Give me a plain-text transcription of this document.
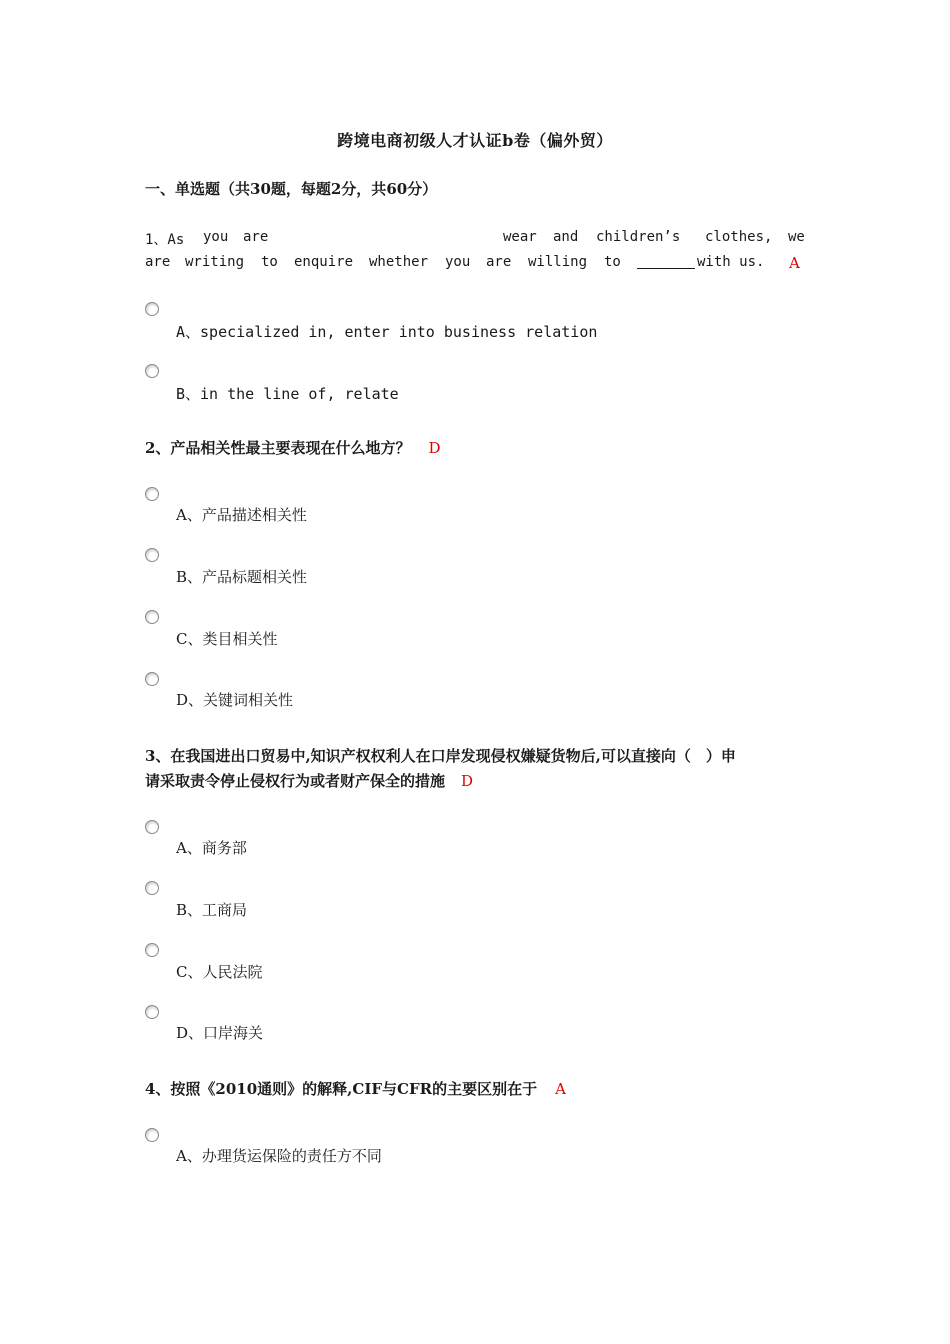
跨境电商初级人才认证b卷（偏外贸）
一、单选题（共30题，每题2分，共60分）
1、As you are	wear and children’s clothes, we
are writing to enquire whether you are willing to	with us. A
A、specialized in, enter into business relation
B、in the line of, relate
2、产品相关性最主要表现在什么地方？ D
A、产品描述相关性
B、产品标题相关性
C、类目相关性
D、关键词相关性
3、在我国进出口贸易中,知识产权权利人在口岸发现侵权嫌疑货物后,可以直接向（　）申
请采取责令停止侵权行为或者财产保全的措施 D
A、商务部
B、工商局
C、人民法院
D、口岸海关
4、按照《2010通则》的解释,CIF与CFR的主要区别在于 A
A、办理货运保险的责任方不同
